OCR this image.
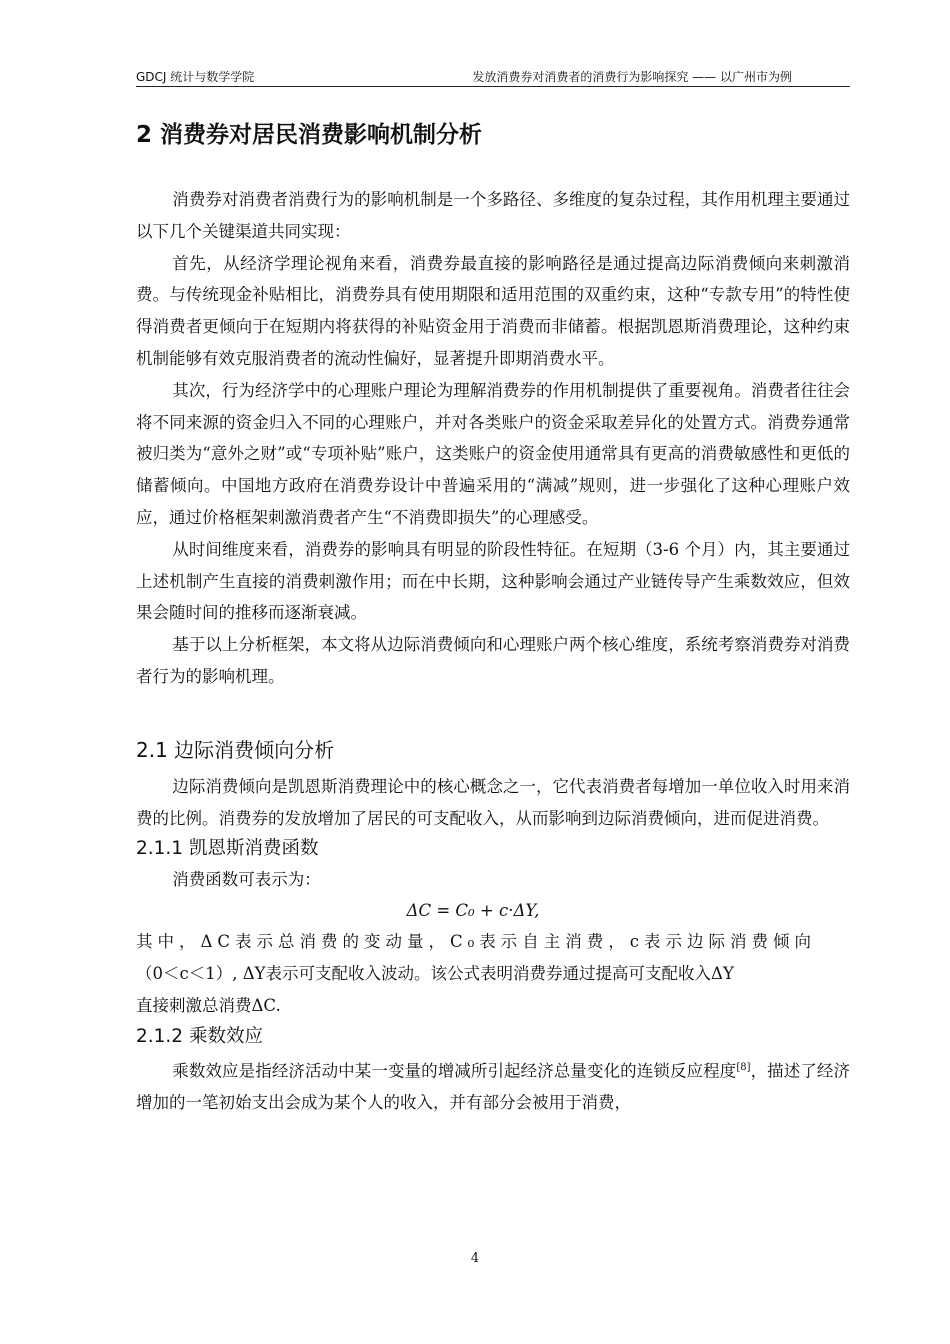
GDCJ 统计与数学学院	发放消费券对消费者的消费行为影响探究 —— 以广州市为例
2 消费券对居民消费影响机制分析

消费券对消费者消费行为的影响机制是一个多路径、多维度的复杂过程，其作用机理主要通过以下几个关键渠道共同实现：

首先，从经济学理论视角来看，消费券最直接的影响路径是通过提高边际消费倾向来刺激消费。与传统现金补贴相比，消费券具有使用期限和适用范围的双重约束，这种“专款专用”的特性使得消费者更倾向于在短期内将获得的补贴资金用于消费而非储蓄。根据凯恩斯消费理论，这种约束机制能够有效克服消费者的流动性偏好，显著提升即期消费水平。

其次，行为经济学中的心理账户理论为理解消费券的作用机制提供了重要视角。消费者往往会将不同来源的资金归入不同的心理账户，并对各类账户的资金采取差异化的处置方式。消费券通常被归类为“意外之财”或“专项补贴”账户，这类账户的资金使用通常具有更高的消费敏感性和更低的储蓄倾向。中国地方政府在消费券设计中普遍采用的“满减”规则，进一步强化了这种心理账户效应，通过价格框架刺激消费者产生“不消费即损失”的心理感受。

从时间维度来看，消费券的影响具有明显的阶段性特征。在短期（3-6 个月）内，其主要通过上述机制产生直接的消费刺激作用；而在中长期，这种影响会通过产业链传导产生乘数效应，但效果会随时间的推移而逐渐衰减。

基于以上分析框架，本文将从边际消费倾向和心理账户两个核心维度，系统考察消费券对消费者行为的影响机理。

2.1 边际消费倾向分析

边际消费倾向是凯恩斯消费理论中的核心概念之一，它代表消费者每增加一单位收入时用来消费的比例。消费券的发放增加了居民的可支配收入，从而影响到边际消费倾向，进而促进消费。

2.1.1 凯恩斯消费函数

消费函数可表示为：

ΔC = C₀ + c·ΔY,

其中，ΔC表示总消费的变动量，C₀表示自主消费，c表示边际消费倾向

（0＜c＜1）, ΔY表示可支配收入波动。该公式表明消费券通过提高可支配收入ΔY

直接刺激总消费ΔC.

2.1.2 乘数效应

乘数效应是指经济活动中某一变量的增减所引起经济总量变化的连锁反应程度[8]，描述了经济增加的一笔初始支出会成为某个人的收入，并有部分会被用于消费，

4
